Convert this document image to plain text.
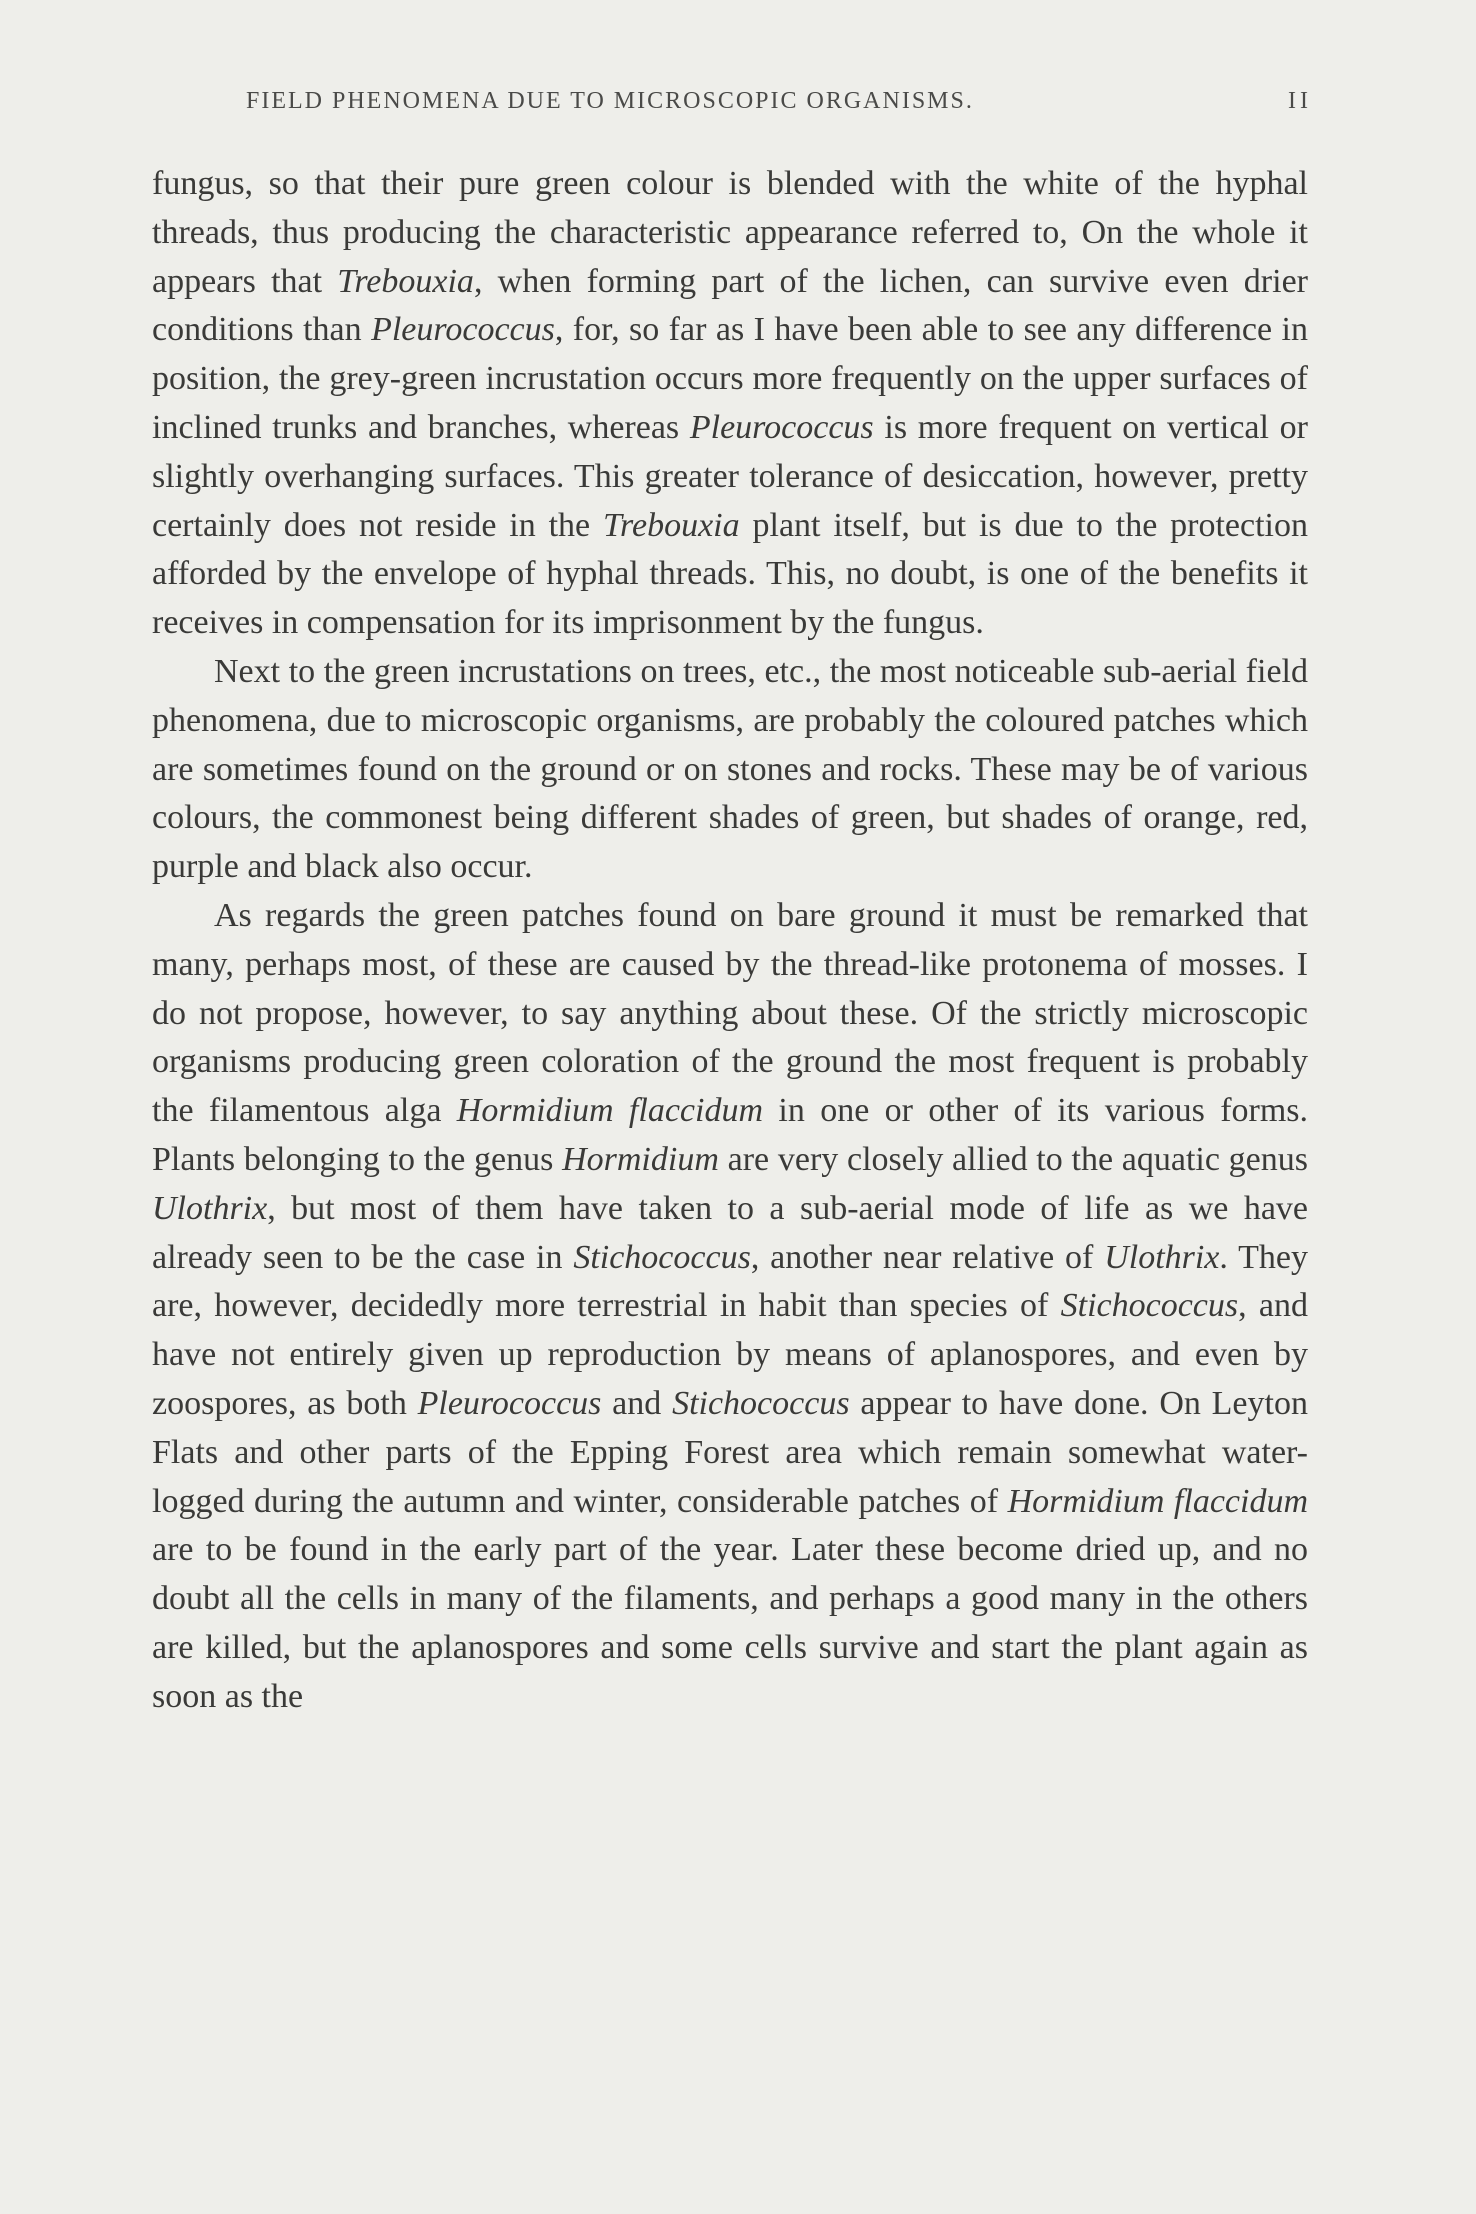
FIELD PHENOMENA DUE TO MICROSCOPIC ORGANISMS.	II

fungus, so that their pure green colour is blended with the white of the hyphal threads, thus producing the characteristic appearance referred to, On the whole it appears that Trebouxia, when forming part of the lichen, can survive even drier conditions than Pleurococcus, for, so far as I have been able to see any difference in position, the grey-green incrustation occurs more frequently on the upper surfaces of inclined trunks and branches, whereas Pleurococcus is more frequent on vertical or slightly overhanging surfaces. This greater tolerance of desiccation, however, pretty certainly does not reside in the Trebouxia plant itself, but is due to the protection afforded by the envelope of hyphal threads. This, no doubt, is one of the benefits it receives in compensation for its imprisonment by the fungus.

Next to the green incrustations on trees, etc., the most noticeable sub-aerial field phenomena, due to microscopic organisms, are probably the coloured patches which are sometimes found on the ground or on stones and rocks. These may be of various colours, the commonest being different shades of green, but shades of orange, red, purple and black also occur.

As regards the green patches found on bare ground it must be remarked that many, perhaps most, of these are caused by the thread-like protonema of mosses. I do not propose, however, to say anything about these. Of the strictly microscopic organisms producing green coloration of the ground the most frequent is probably the filamentous alga Hormidium flaccidum in one or other of its various forms. Plants belonging to the genus Hormidium are very closely allied to the aquatic genus Ulothrix, but most of them have taken to a sub-aerial mode of life as we have already seen to be the case in Stichococcus, another near relative of Ulothrix. They are, however, decidedly more terrestrial in habit than species of Stichococcus, and have not entirely given up reproduction by means of aplanospores, and even by zoospores, as both Pleurococcus and Stichococcus appear to have done. On Leyton Flats and other parts of the Epping Forest area which remain somewhat water-logged during the autumn and winter, considerable patches of Hormidium flaccidum are to be found in the early part of the year. Later these become dried up, and no doubt all the cells in many of the filaments, and perhaps a good many in the others are killed, but the aplanospores and some cells survive and start the plant again as soon as the
